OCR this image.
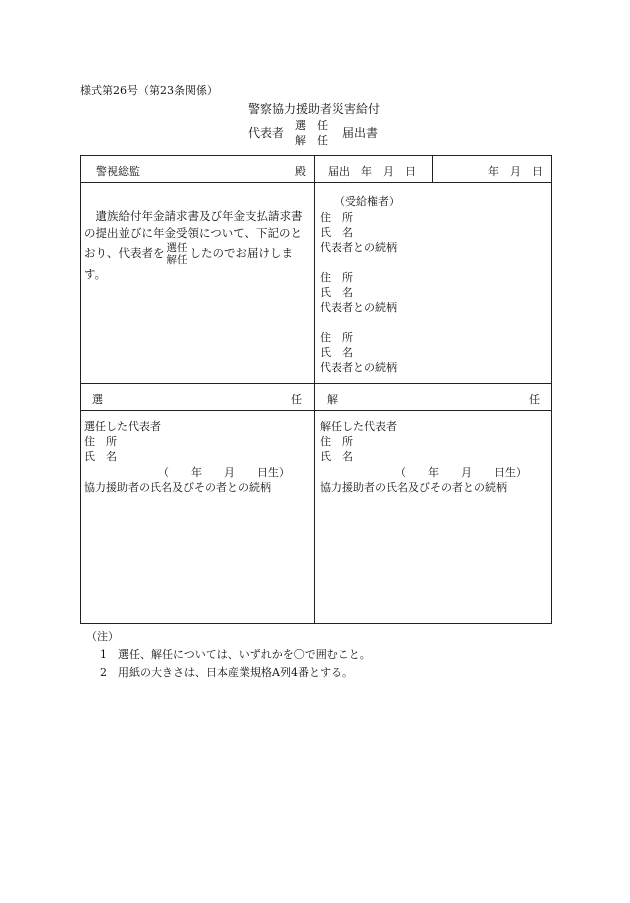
様式第26号（第23条関係）
警察協力援助者災害給付
代表者
選　任
解　任
届出書
警視総監	殿
　遺族給付年金請求書及び年金支払請求書の提出並びに年金受領について、下記のとおり、代表者を 選任
解任 したのでお届けします。
届出　年　月　日	年　月　日
（受給権者）
住　所
氏　名
代表者との続柄
住　所
氏　名
代表者との続柄
住　所
氏　名
代表者との続柄
選	任 解	任
選任した代表者
住　所
氏　名
（　　年　　月　　日生）
協力援助者の氏名及びその者との続柄
解任した代表者
住　所
氏　名
（　　年　　月　　日生）
協力援助者の氏名及びその者との続柄
（注）
1　選任、解任については、いずれかを〇で囲むこと。
2　用紙の大きさは、日本産業規格A列4番とする。
